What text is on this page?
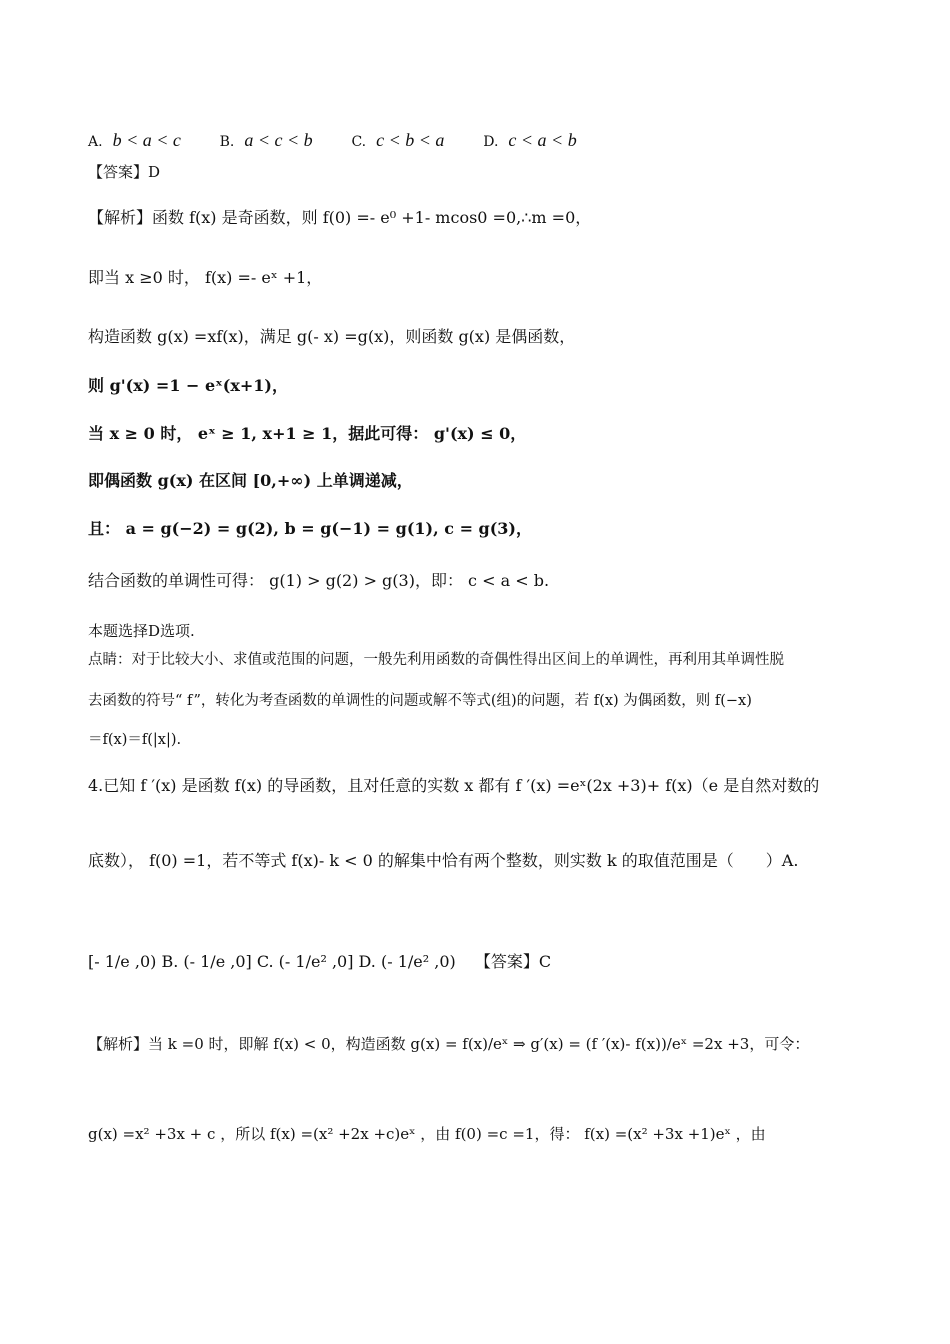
A. b < a < c	B. a < c < b	C. c < b < a	D. c < a < b
【答案】D
【解析】函数 f(x) 是奇函数，则 f(0) =- e⁰ +1- mcos0 =0,∴m =0，
即当 x ≥0 时， f(x) =- eˣ +1，
构造函数 g(x) =xf(x)，满足 g(- x) =g(x)，则函数 g(x) 是偶函数，
则 g'(x) =1 − eˣ(x+1)，
当 x ≥ 0 时， eˣ ≥ 1, x+1 ≥ 1，据此可得： g'(x) ≤ 0，
即偶函数 g(x) 在区间 [0,+∞) 上单调递减，
且： a = g(−2) = g(2), b = g(−1) = g(1), c = g(3)，
结合函数的单调性可得： g(1) > g(2) > g(3)，即： c < a < b.
本题选择D选项.
点睛：对于比较大小、求值或范围的问题，一般先利用函数的奇偶性得出区间上的单调性，再利用其单调性脱
去函数的符号“ f”，转化为考查函数的单调性的问题或解不等式(组)的问题，若 f(x) 为偶函数，则 f(−x)
＝f(x)＝f(|x|).
4.已知 f ′(x) 是函数 f(x) 的导函数，且对任意的实数 x 都有 f ′(x) =eˣ(2x +3)+ f(x)（e 是自然对数的
底数）， f(0) =1，若不等式 f(x)- k < 0 的解集中恰有两个整数，则实数 k 的取值范围是（　　）A.
[- 1/e ,0) B. (- 1/e ,0] C. (- 1/e² ,0] D. (- 1/e² ,0) 【答案】C
【解析】当 k =0 时，即解 f(x) < 0，构造函数 g(x) = f(x)/eˣ ⇒ g′(x) = (f ′(x)- f(x))/eˣ =2x +3，可令：
g(x) =x² +3x + c ，所以 f(x) =(x² +2x +c)eˣ ，由 f(0) =c =1，得： f(x) =(x² +3x +1)eˣ ，由
